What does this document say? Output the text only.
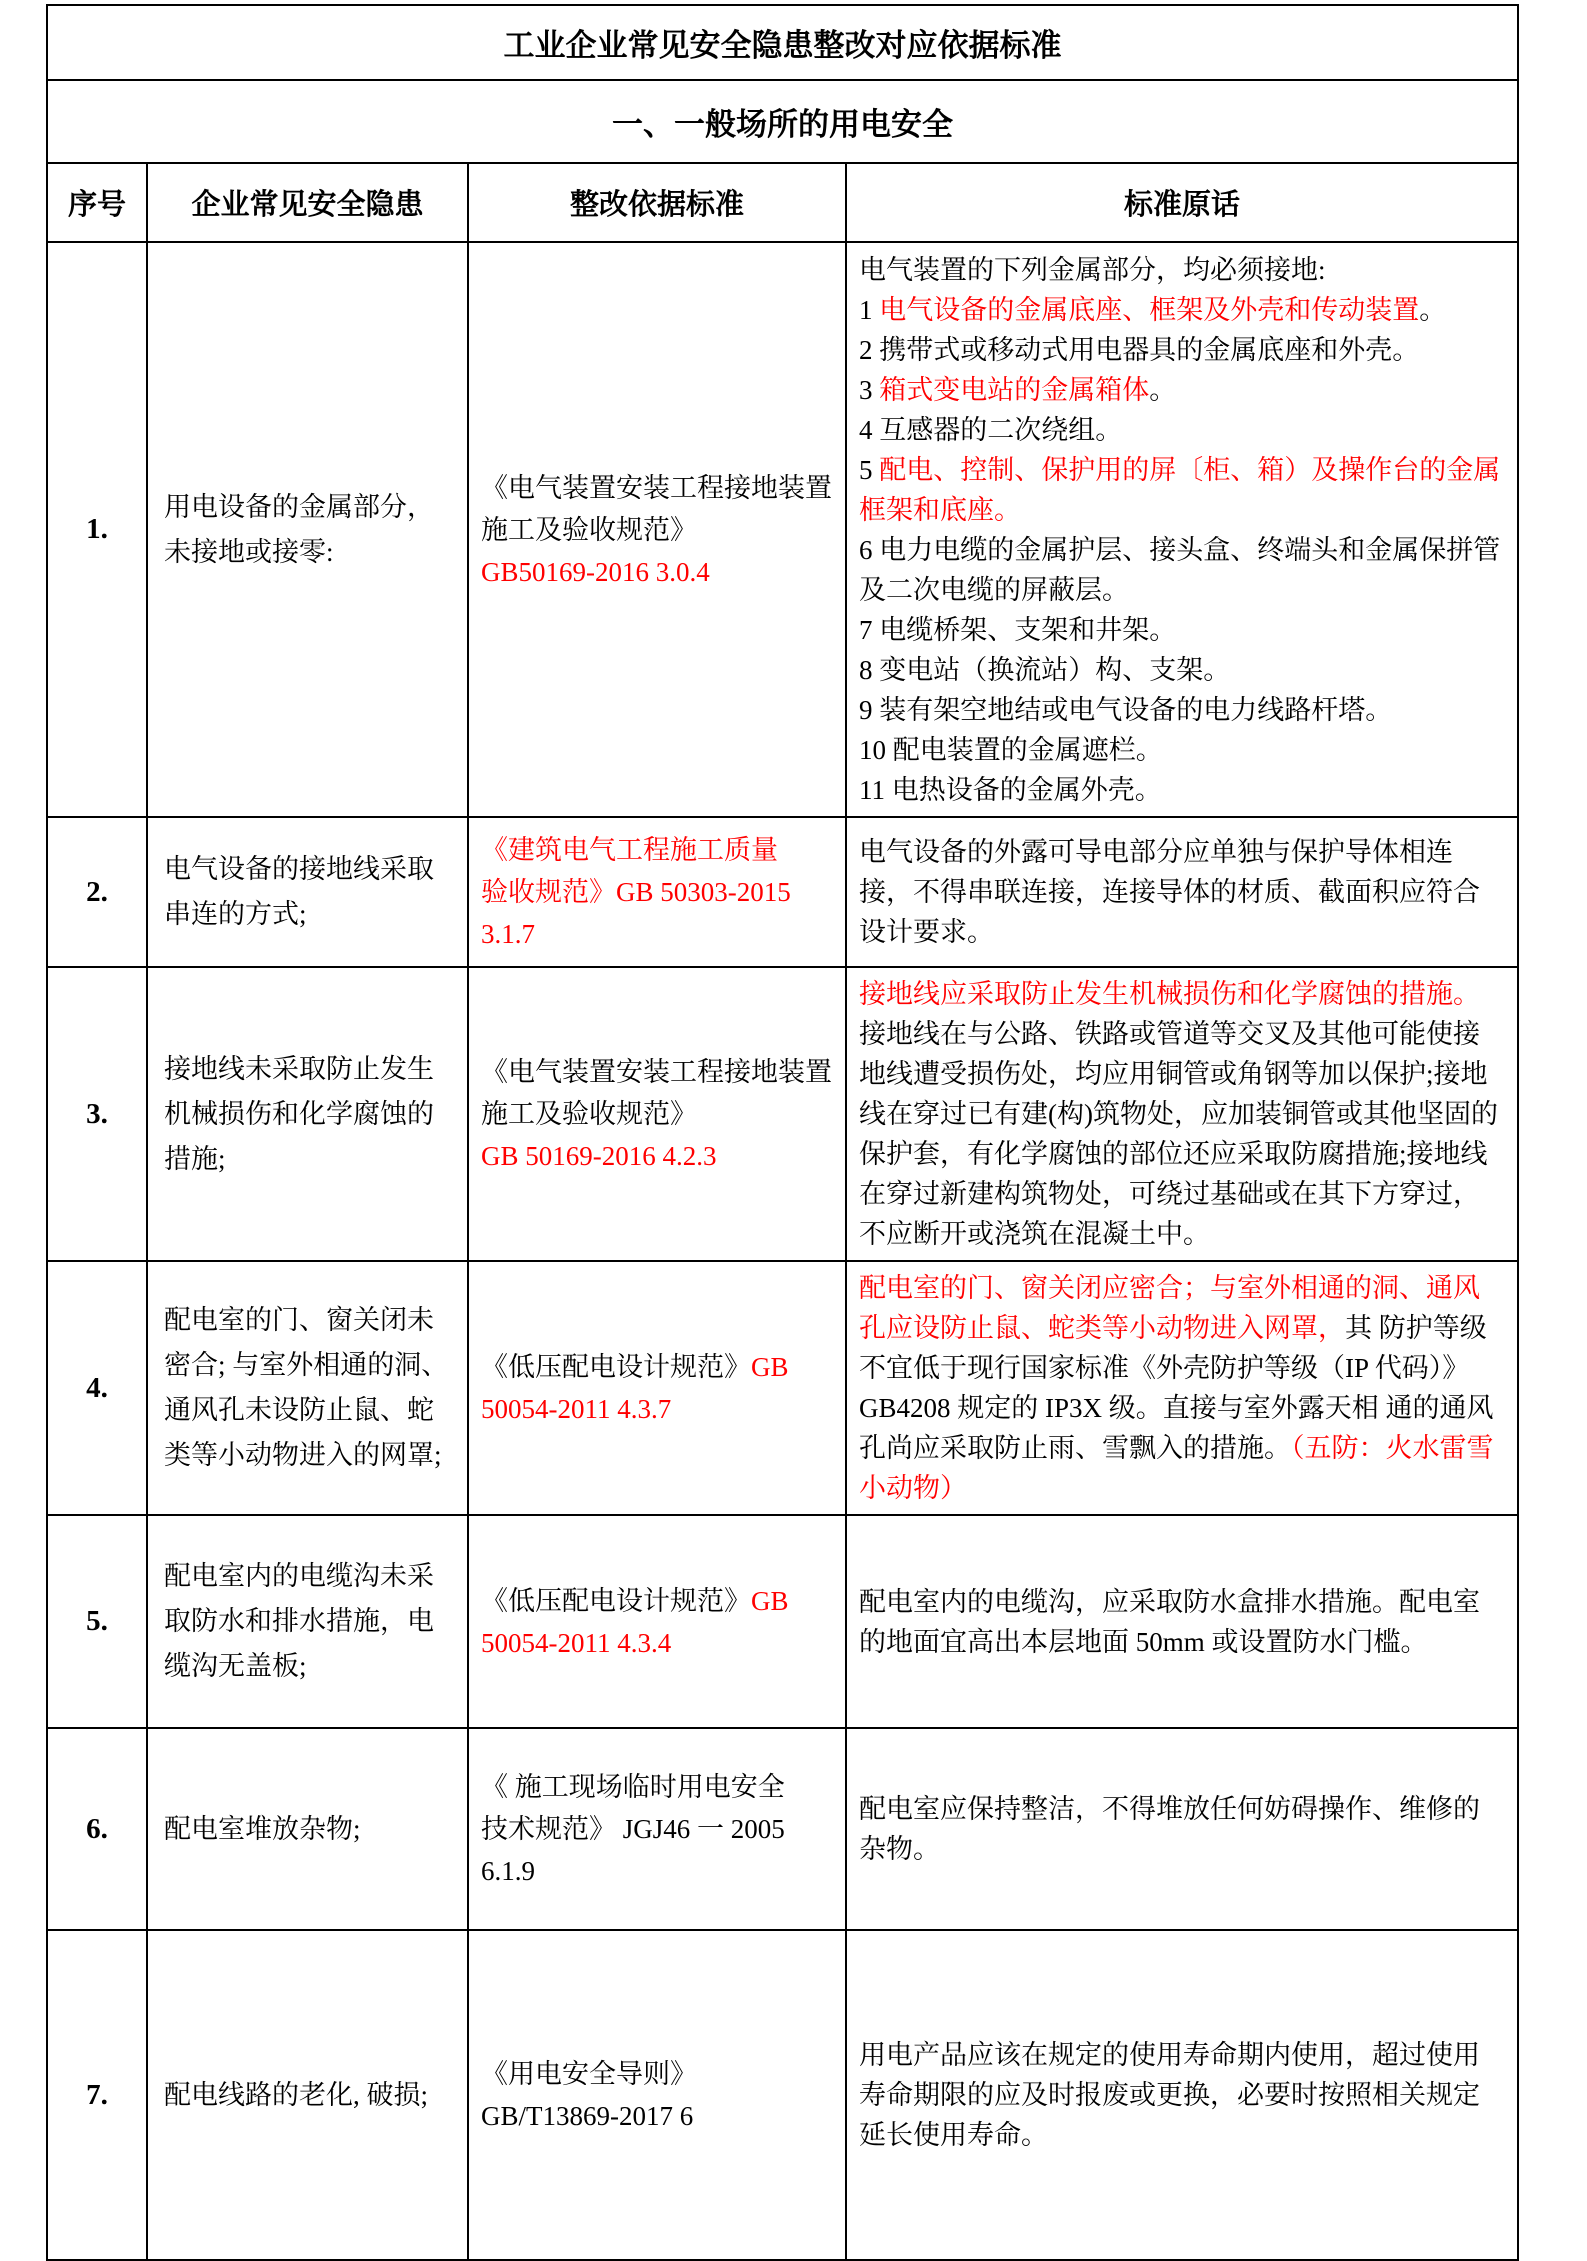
工业企业常见安全隐患整改对应依据标准			
一、一般场所的用电安全			
序号	企业常见安全隐患	整改依据标准	标准原话
1.	用电设备的金属部分，未接地或接零:	《电气装置安装工程接地装置施工及验收规范》
GB50169-2016 3.0.4	电气装置的下列金属部分，均必须接地:
1 电气设备的金属底座、框架及外壳和传动装置。
2 携带式或移动式用电器具的金属底座和外壳。
3 箱式变电站的金属箱体。
4 互感器的二次绕组。
5 配电、控制、保护用的屏〔柜、箱）及操作台的金属框架和底座。
6 电力电缆的金属护层、接头盒、终端头和金属保拼管及二次电缆的屏蔽层。
7 电缆桥架、支架和井架。
8 变电站（换流站）构、支架。
9 装有架空地结或电气设备的电力线路杆塔。
10 配电装置的金属遮栏。
11 电热设备的金属外壳。
2.	电气设备的接地线采取串连的方式;	《建筑电气工程施工质量
验收规范》GB 50303-2015
3.1.7	电气设备的外露可导电部分应单独与保护导体相连接，不得串联连接，连接导体的材质、截面积应符合设计要求。
3.	接地线未采取防止发生机械损伤和化学腐蚀的措施;	《电气装置安装工程接地装置施工及验收规范》
GB 50169-2016 4.2.3	接地线应采取防止发生机械损伤和化学腐蚀的措施。
接地线在与公路、铁路或管道等交叉及其他可能使接地线遭受损伤处，均应用铜管或角钢等加以保护;接地线在穿过已有建(构)筑物处，应加装铜管或其他坚固的保护套，有化学腐蚀的部位还应采取防腐措施;接地线在穿过新建构筑物处，可绕过基础或在其下方穿过，不应断开或浇筑在混凝土中。
4.	配电室的门、窗关闭未密合; 与室外相通的洞、通风孔未设防止鼠、蛇类等小动物进入的网罩;	《低压配电设计规范》GB 50054-2011 4.3.7	配电室的门、窗关闭应密合；与室外相通的洞、通风孔应设防止鼠、蛇类等小动物进入网罩，其 防护等级不宜低于现行国家标准《外壳防护等级（IP 代码）》GB4208 规定的 IP3X 级。直接与室外露天相 通的通风孔尚应采取防止雨、雪飘入的措施。（五防：火水雷雪小动物）
5.	配电室内的电缆沟未采取防水和排水措施，电缆沟无盖板;	《低压配电设计规范》GB 50054-2011 4.3.4	配电室内的电缆沟，应采取防水盒排水措施。配电室的地面宜高出本层地面 50mm 或设置防水门槛。
6.	配电室堆放杂物;	《 施工现场临时用电安全
技术规范》 JGJ46 一 2005
6.1.9	配电室应保持整洁，不得堆放任何妨碍操作、维修的杂物。
7.	配电线路的老化, 破损;	《用电安全导则》
GB/T13869-2017 6	用电产品应该在规定的使用寿命期内使用，超过使用寿命期限的应及时报废或更换，必要时按照相关规定延长使用寿命。
